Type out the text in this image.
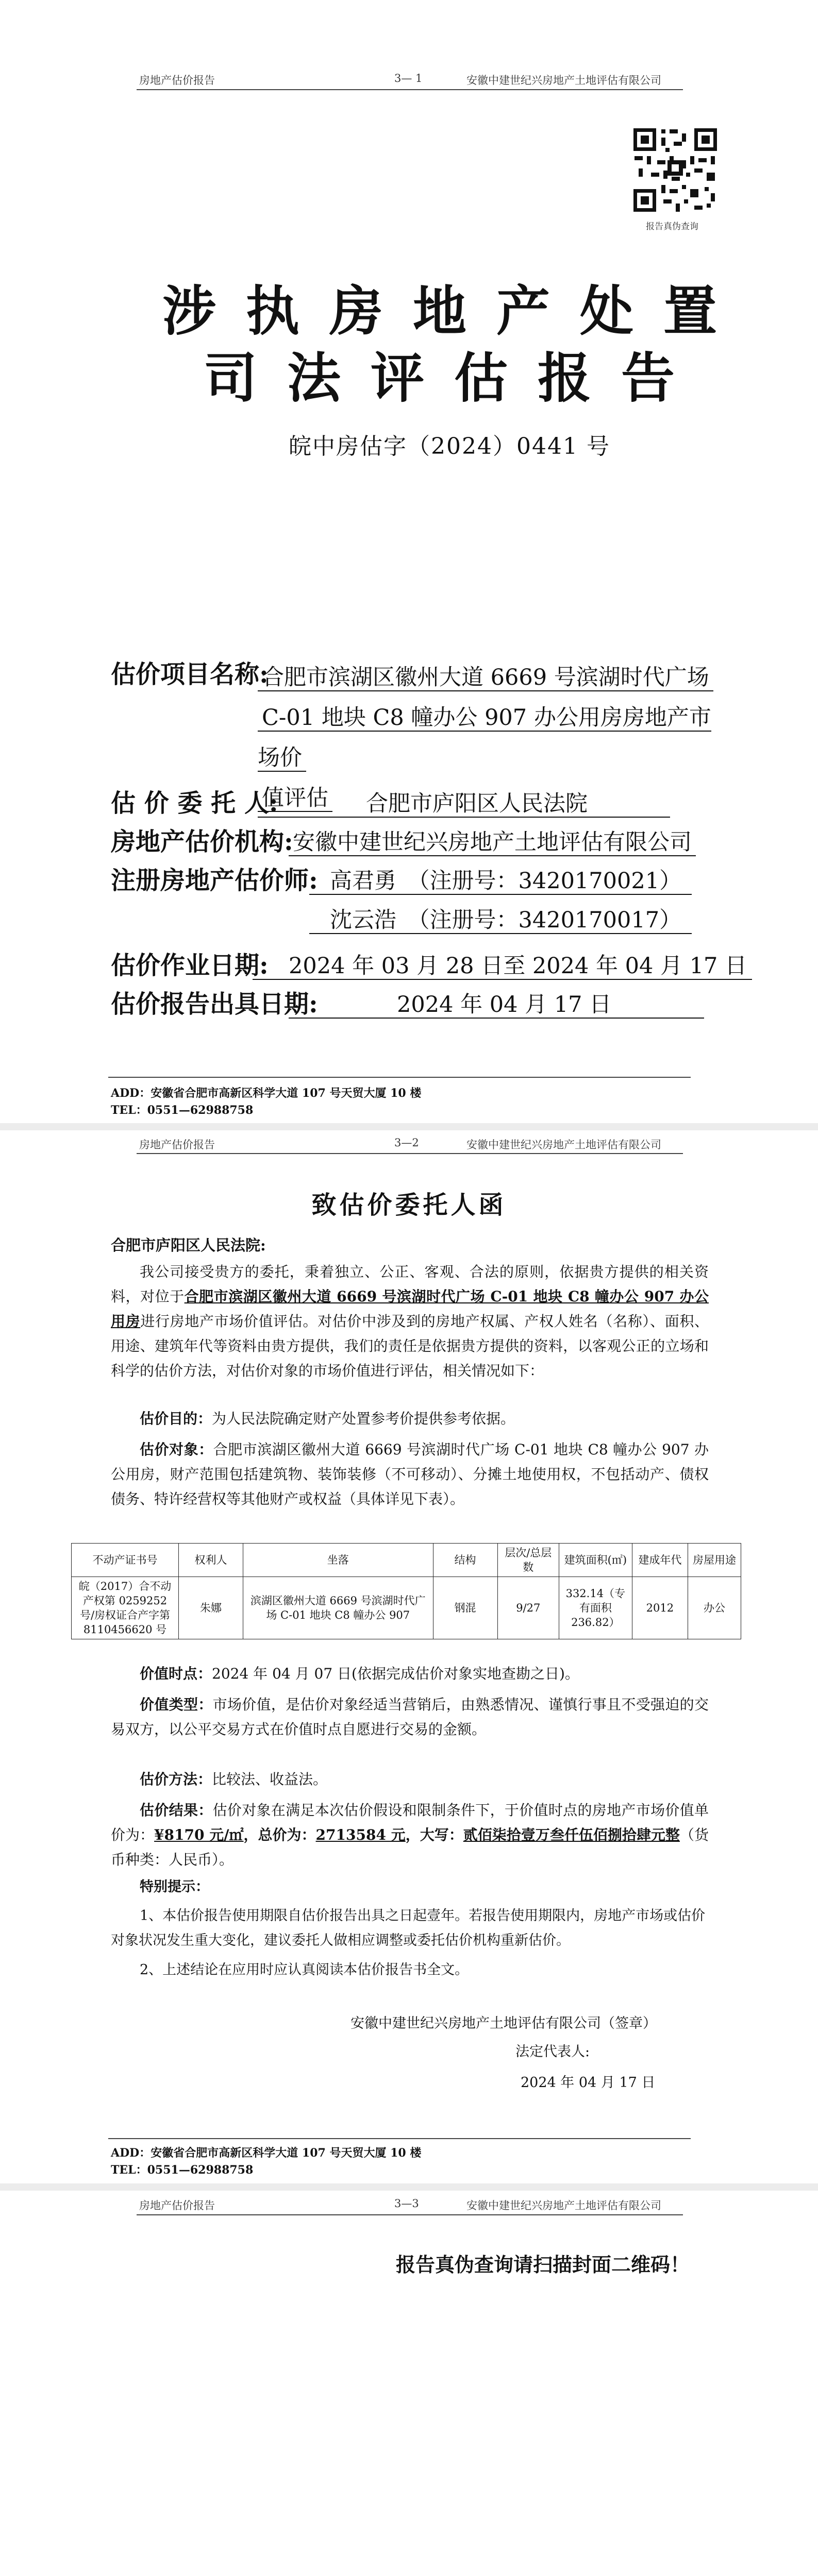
房地产估价报告	3— 1	安徽中建世纪兴房地产土地评估有限公司
报告真伪查询
涉执房地产处置
司法评估报告
皖中房估字（2024）0441 号
估价项目名称:
合肥市滨湖区徽州大道 6669 号滨湖时代广场
C-01 地块 C8 幢办公 907 办公用房房地产市场价
值评估
估 价 委 托 人:	合肥市庐阳区人民法院
房地产估价机构: 安徽中建世纪兴房地产土地评估有限公司
注册房地产估价师: 高君勇　（注册号：3420170021）
沈云浩　（注册号：3420170017）
估价作业日期: 2024 年 03 月 28 日至 2024 年 04 月 17 日
估价报告出具日期:	2024 年 04 月 17 日
ADD：安徽省合肥市高新区科学大道 107 号天贸大厦 10 楼
TEL：0551—62988758
房地产估价报告	3—2	安徽中建世纪兴房地产土地评估有限公司
致估价委托人函
合肥市庐阳区人民法院:
我公司接受贵方的委托，秉着独立、公正、客观、合法的原则，依据贵方提供的相关资料，对位于合肥市滨湖区徽州大道 6669 号滨湖时代广场 C-01 地块 C8 幢办公 907 办公用房进行房地产市场价值评估。对估价中涉及到的房地产权属、产权人姓名（名称）、面积、用途、建筑年代等资料由贵方提供，我们的责任是依据贵方提供的资料，以客观公正的立场和科学的估价方法，对估价对象的市场价值进行评估，相关情况如下：
估价目的：为人民法院确定财产处置参考价提供参考依据。
估价对象：合肥市滨湖区徽州大道 6669 号滨湖时代广场 C-01 地块 C8 幢办公 907 办公用房，财产范围包括建筑物、装饰装修（不可移动）、分摊土地使用权，不包括动产、债权债务、特许经营权等其他财产或权益（具体详见下表）。
不动产证书号	权利人	坐落	结构	层次/总层数	建筑面积(㎡)	建成年代	房屋用途
皖（2017）合不动产权第 0259252 号/房权证合产字第 8110456620 号	朱娜	滨湖区徽州大道 6669 号滨湖时代广场 C-01 地块 C8 幢办公 907	钢混	9/27	332.14（专有面积 236.82）	2012	办公
价值时点：2024 年 04 月 07 日(依据完成估价对象实地查勘之日)。
价值类型：市场价值，是估价对象经适当营销后，由熟悉情况、谨慎行事且不受强迫的交易双方，以公平交易方式在价值时点自愿进行交易的金额。
估价方法：比较法、收益法。
估价结果：估价对象在满足本次估价假设和限制条件下，于价值时点的房地产市场价值单价为：¥8170 元/㎡，总价为：2713584 元，大写：贰佰柒拾壹万叁仟伍佰捌拾肆元整（货币种类：人民币）。
特别提示：
1、本估价报告使用期限自估价报告出具之日起壹年。若报告使用期限内，房地产市场或估价对象状况发生重大变化，建议委托人做相应调整或委托估价机构重新估价。
2、上述结论在应用时应认真阅读本估价报告书全文。
安徽中建世纪兴房地产土地评估有限公司（签章）
法定代表人:
2024 年 04 月 17 日
ADD：安徽省合肥市高新区科学大道 107 号天贸大厦 10 楼
TEL：0551—62988758
房地产估价报告	3—3	安徽中建世纪兴房地产土地评估有限公司
报告真伪查询请扫描封面二维码！
